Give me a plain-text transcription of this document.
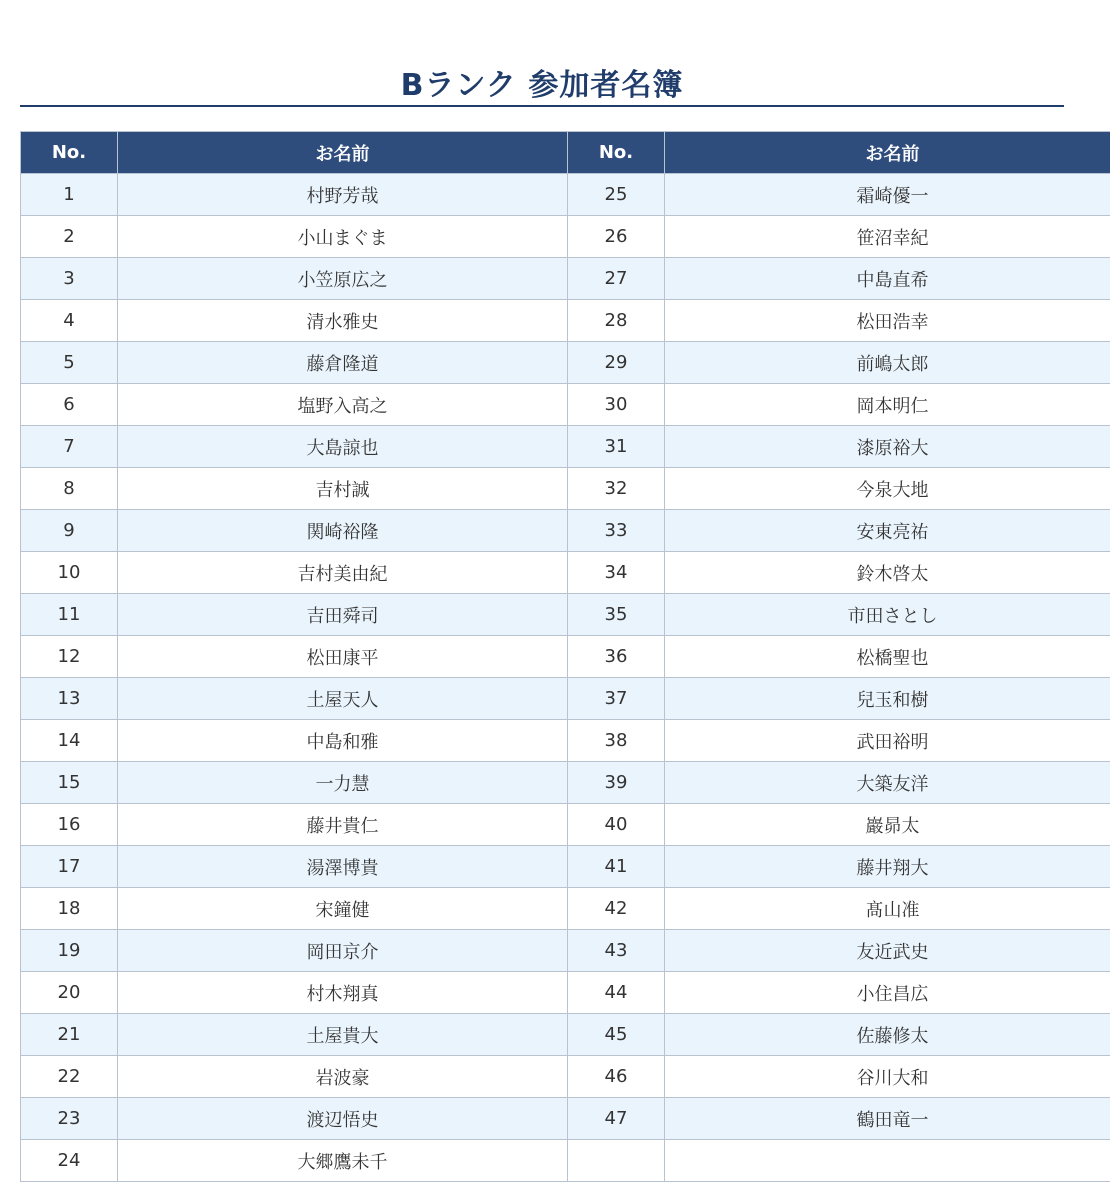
Bランク 参加者名簿
No.	お名前	No.	お名前
1	村野芳哉	25	霜崎優一
2	小山まぐま	26	笹沼幸紀
3	小笠原広之	27	中島直希
4	清水雅史	28	松田浩幸
5	藤倉隆道	29	前嶋太郎
6	塩野入高之	30	岡本明仁
7	大島諒也	31	漆原裕大
8	吉村誠	32	今泉大地
9	関崎裕隆	33	安東亮祐
10	吉村美由紀	34	鈴木啓太
11	吉田舜司	35	市田さとし
12	松田康平	36	松橋聖也
13	土屋天人	37	兒玉和樹
14	中島和雅	38	武田裕明
15	一力慧	39	大築友洋
16	藤井貴仁	40	巖昴太
17	湯澤博貴	41	藤井翔大
18	宋鐘健	42	髙山准
19	岡田京介	43	友近武史
20	村木翔真	44	小住昌広
21	土屋貴大	45	佐藤修太
22	岩波豪	46	谷川大和
23	渡辺悟史	47	鶴田竜一
24	大郷鷹未千		
